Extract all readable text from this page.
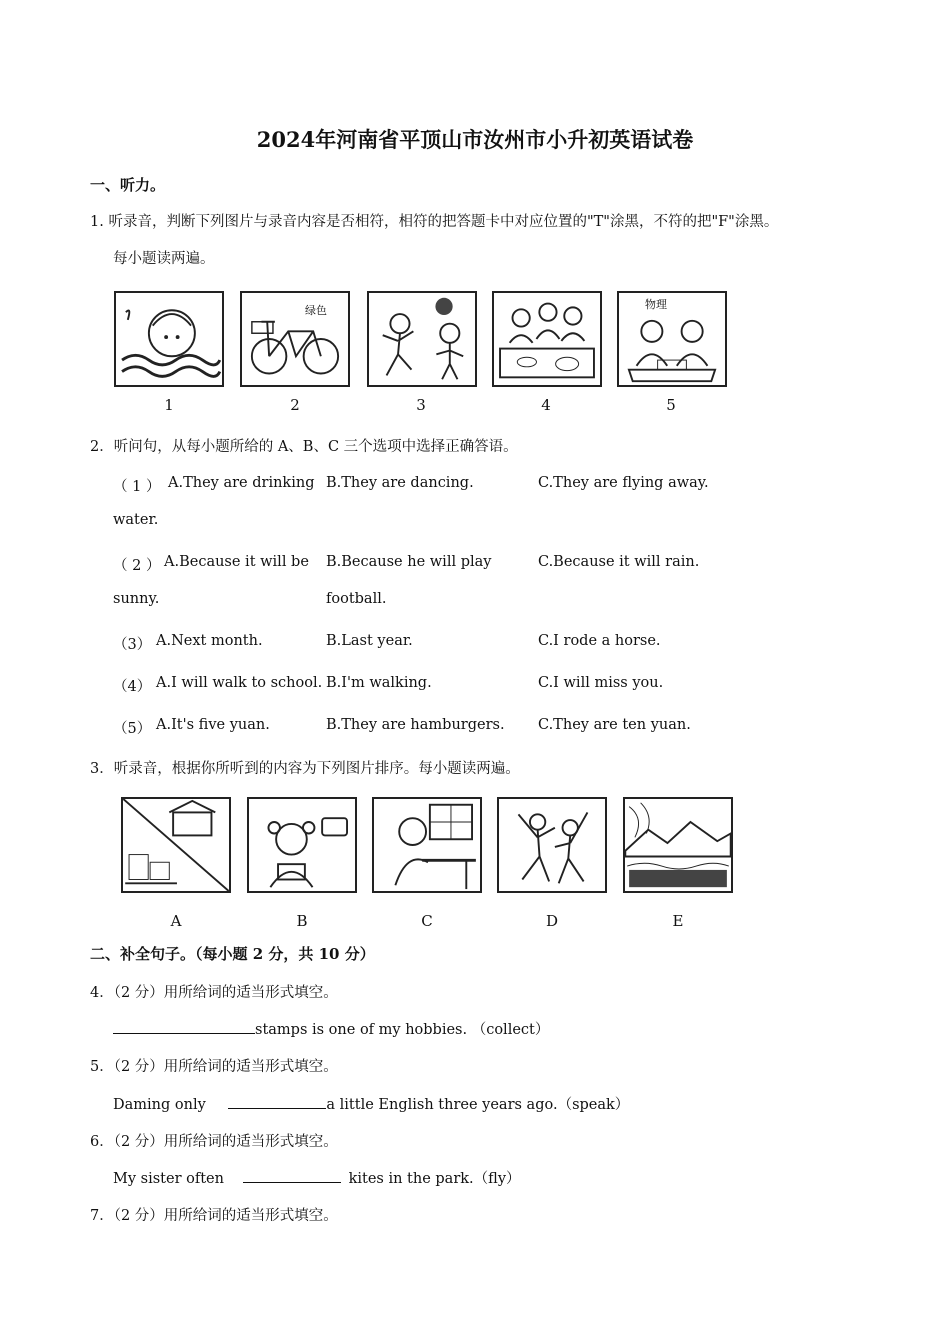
2024年河南省平顶山市汝州市小升初英语试卷
一、听力。
1. 听录音，判断下列图片与录音内容是否相符，相符的把答题卡中对应位置的"T"涂黑，不符的把"F"涂黑。
每小题读两遍。
绿色	物理
1	2	3	4	5
2．听问句，从每小题所给的 A、B、C 三个选项中选择正确答语。
（ 1 ） A.They are drinking
water.
B.They are dancing.	C.They are flying away.
（ 2 ） A.Because it will be
sunny.
B.Because he will play
football.
C.Because it will rain.
（3） A.Next month.	B.Last year.	C.I rode a horse.
（4） A.I will walk to school. B.I'm walking.	C.I will miss you.
（5） A.It's five yuan.	B.They are hamburgers. C.They are ten yuan.
3．听录音，根据你所听到的内容为下列图片排序。每小题读两遍。
A	B	C	D	E
二、补全句子。（每小题 2 分，共 10 分）
4．（2 分）用所给词的适当形式填空。
stamps is one of my hobbies. （collect）
5．（2 分）用所给词的适当形式填空。
Daming only	a little English three years ago.（speak）
6．（2 分）用所给词的适当形式填空。
My sister often	kites in the park.（fly）
7．（2 分）用所给词的适当形式填空。
